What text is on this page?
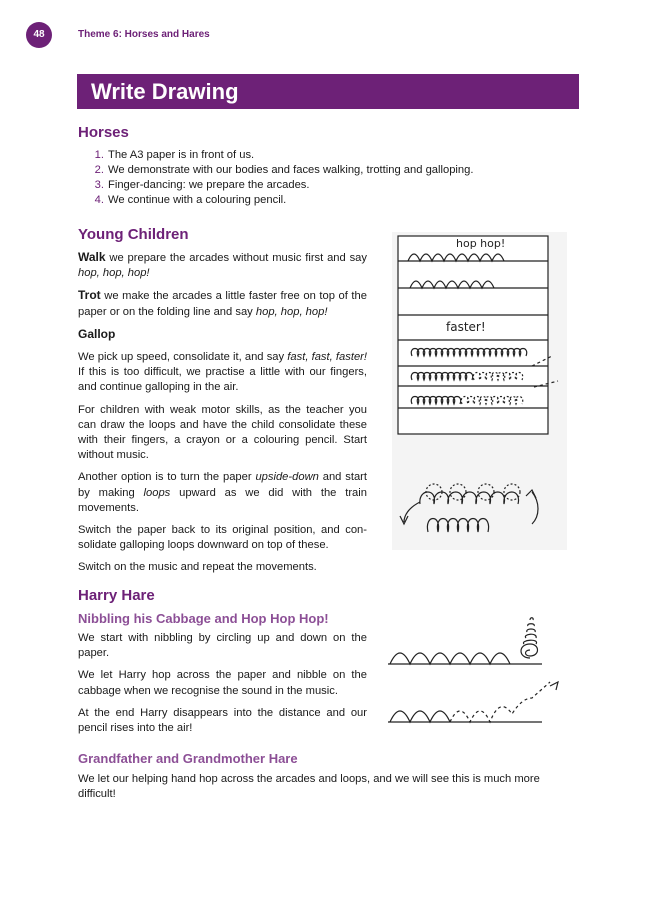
48	Theme 6: Horses and Hares
Write Drawing
Horses
1. The A3 paper is in front of us.
2. We demonstrate with our bodies and faces walking, trotting and galloping.
3. Finger-dancing: we prepare the arcades.
4. We continue with a colouring pencil.
Young Children

Walk we prepare the arcades without music first and say hop, hop, hop!

Trot we make the arcades a little faster free on top of the paper or on the folding line and say hop, hop, hop!

Gallop

We pick up speed, consolidate it, and say fast, fast, faster! If this is too difficult, we practise a little with our fingers, and continue galloping in the air.

For children with weak motor skills, as the teacher you can draw the loops and have the child consolidate these with their fingers, a crayon or a colouring pencil. Start without music.

Another option is to turn the paper upside-down and start by making loops upward as we did with the train movements.

Switch the paper back to its original position, and con-solidate galloping loops downward on top of these.

Switch on the music and repeat the movements.

hop hop!
faster!
Harry Hare
Nibbling his Cabbage and Hop Hop Hop!

We start with nibbling by circling up and down on the paper.

We let Harry hop across the paper and nibble on the cabbage when we recognise the sound in the music.

At the end Harry disappears into the distance and our pencil rises into the air!

Grandfather and Grandmother Hare

We let our helping hand hop across the arcades and loops, and we will see this is much more difficult!
